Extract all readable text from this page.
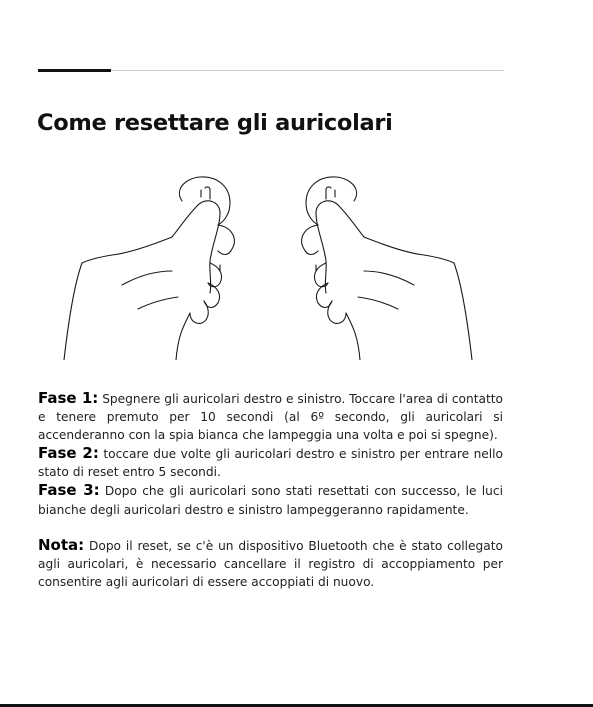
Come resettare gli auricolari

Fase 1: Spegnere gli auricolari destro e sinistro. Toccare l'area di contatto e tenere premuto per 10 secondi (al 6º secondo, gli auricolari si accenderanno con la spia bianca che lampeggia una volta e poi si spegne).

Fase 2: toccare due volte gli auricolari destro e sinistro per entrare nello stato di reset entro 5 secondi.

Fase 3: Dopo che gli auricolari sono stati resettati con successo, le luci bianche degli auricolari destro e sinistro lampeggeranno rapidamente.

Nota: Dopo il reset, se c'è un dispositivo Bluetooth che è stato collegato agli auricolari, è necessario cancellare il registro di accoppiamento per consentire agli auricolari di essere accoppiati di nuovo.
